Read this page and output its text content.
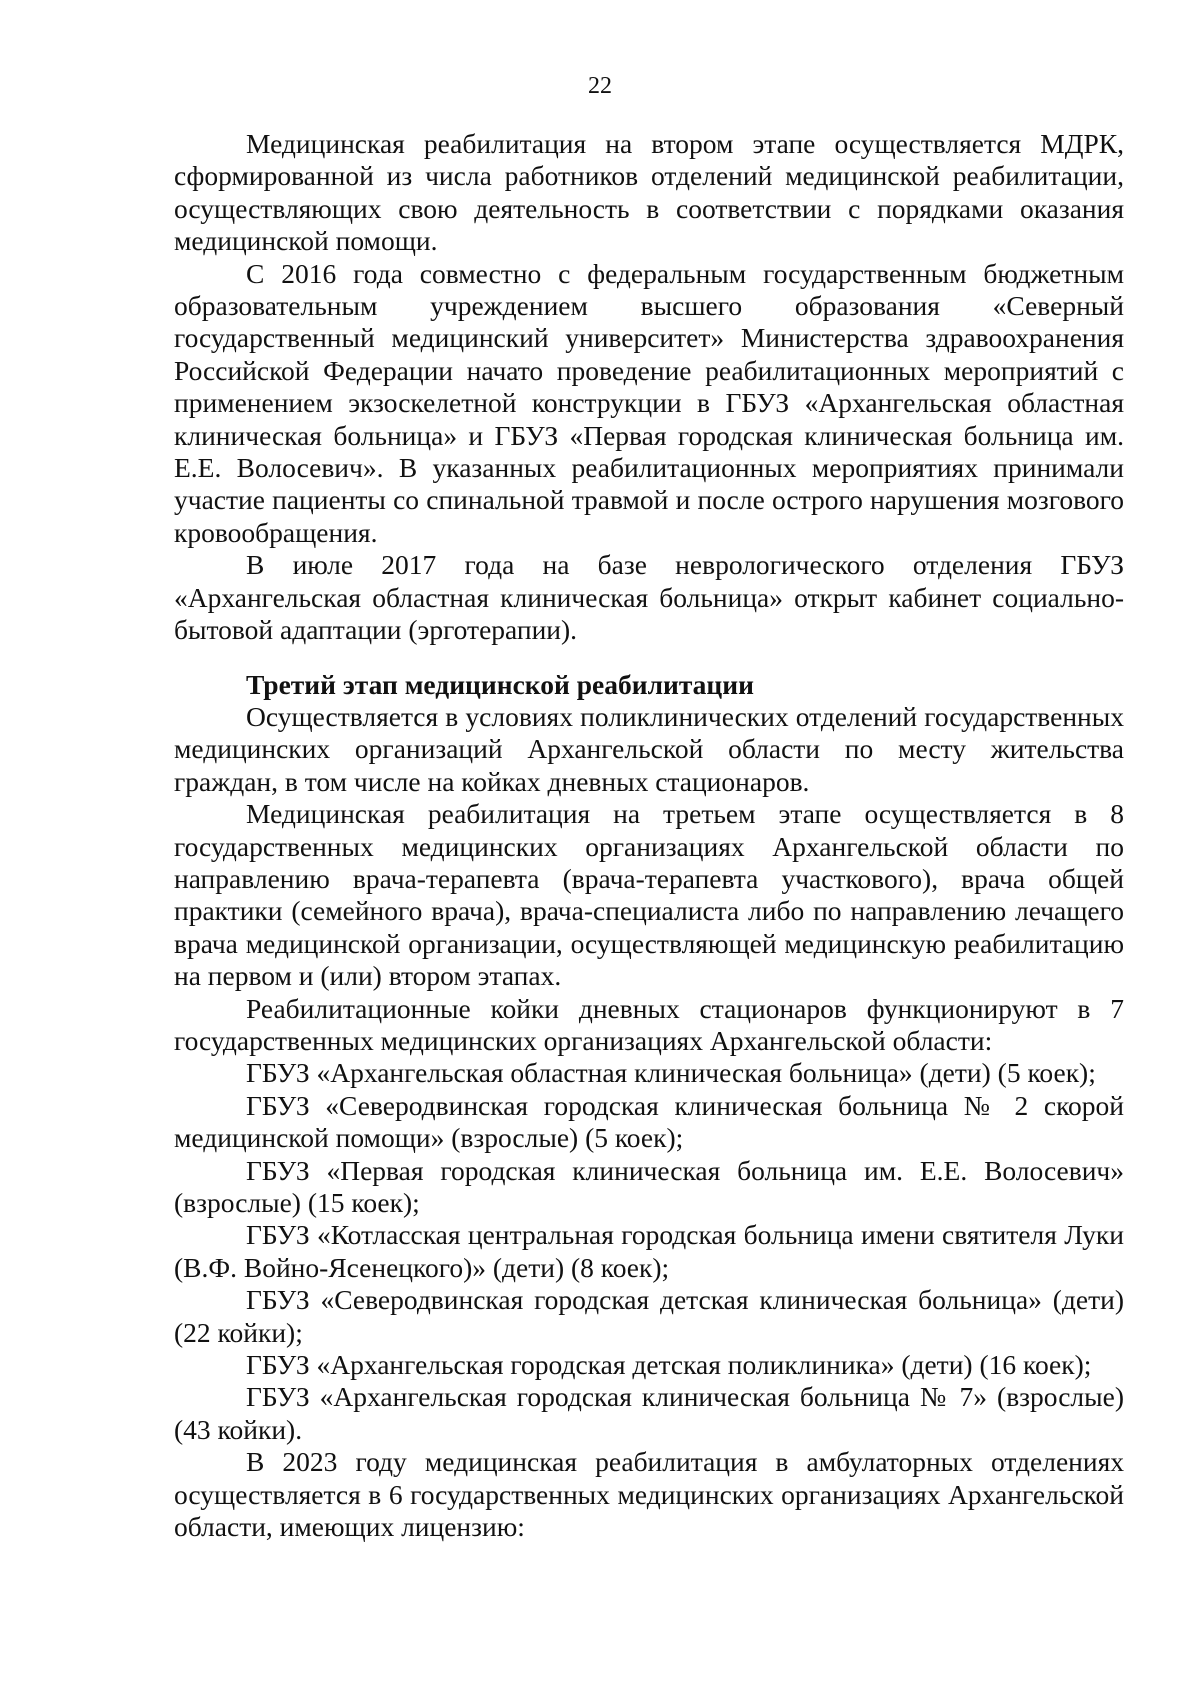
22

Медицинская реабилитация на втором этапе осуществляется МДРК, сформированной из числа работников отделений медицинской реабилитации, осуществляющих свою деятельность в соответствии с порядками оказания медицинской помощи.

С 2016 года совместно с федеральным государственным бюджетным образовательным учреждением высшего образования «Северный государственный медицинский университет» Министерства здравоохранения Российской Федерации начато проведение реабилитационных мероприятий с применением экзоскелетной конструкции в ГБУЗ «Архангельская областная клиническая больница» и ГБУЗ «Первая городская клиническая больница им. Е.Е. Волосевич». В указанных реабилитационных мероприятиях принимали участие пациенты со спинальной травмой и после острого нарушения мозгового кровообращения.

В июле 2017 года на базе неврологического отделения ГБУЗ «Архангельская областная клиническая больница» открыт кабинет социально-бытовой адаптации (эрготерапии).

Третий этап медицинской реабилитации

Осуществляется в условиях поликлинических отделений государственных медицинских организаций Архангельской области по месту жительства граждан, в том числе на койках дневных стационаров.

Медицинская реабилитация на третьем этапе осуществляется в 8 государственных медицинских организациях Архангельской области по направлению врача-терапевта (врача-терапевта участкового), врача общей практики (семейного врача), врача-специалиста либо по направлению лечащего врача медицинской организации, осуществляющей медицинскую реабилитацию на первом и (или) втором этапах.

Реабилитационные койки дневных стационаров функционируют в 7 государственных медицинских организациях Архангельской области:

ГБУЗ «Архангельская областная клиническая больница» (дети) (5 коек);

ГБУЗ «Северодвинская городская клиническая больница № 2 скорой медицинской помощи» (взрослые) (5 коек);

ГБУЗ «Первая городская клиническая больница им. Е.Е. Волосевич» (взрослые) (15 коек);

ГБУЗ «Котласская центральная городская больница имени святителя Луки (В.Ф. Войно-Ясенецкого)» (дети) (8 коек);

ГБУЗ «Северодвинская городская детская клиническая больница» (дети) (22 койки);

ГБУЗ «Архангельская городская детская поликлиника» (дети) (16 коек);

ГБУЗ «Архангельская городская клиническая больница № 7» (взрослые) (43 койки).

В 2023 году медицинская реабилитация в амбулаторных отделениях осуществляется в 6 государственных медицинских организациях Архангельской области, имеющих лицензию:
